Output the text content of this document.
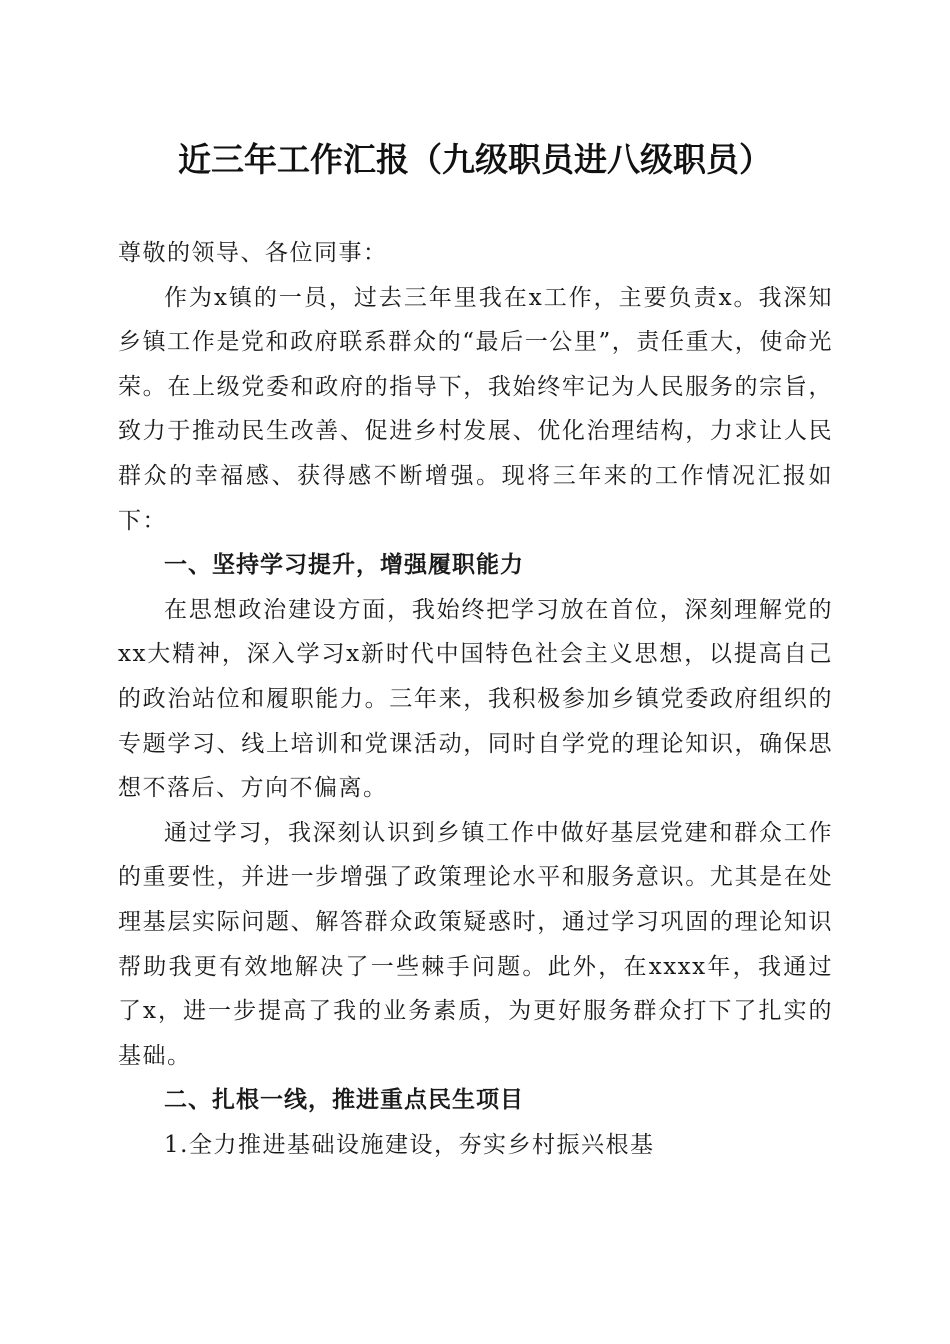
近三年工作汇报（九级职员进八级职员）

尊敬的领导、各位同事：

作为x镇的一员，过去三年里我在x工作，主要负责x。我深知乡镇工作是党和政府联系群众的“最后一公里”，责任重大，使命光荣。在上级党委和政府的指导下，我始终牢记为人民服务的宗旨，致力于推动民生改善、促进乡村发展、优化治理结构，力求让人民群众的幸福感、获得感不断增强。现将三年来的工作情况汇报如下：

一、坚持学习提升，增强履职能力

在思想政治建设方面，我始终把学习放在首位，深刻理解党的xx大精神，深入学习x新时代中国特色社会主义思想，以提高自己的政治站位和履职能力。三年来，我积极参加乡镇党委政府组织的专题学习、线上培训和党课活动，同时自学党的理论知识，确保思想不落后、方向不偏离。

通过学习，我深刻认识到乡镇工作中做好基层党建和群众工作的重要性，并进一步增强了政策理论水平和服务意识。尤其是在处理基层实际问题、解答群众政策疑惑时，通过学习巩固的理论知识帮助我更有效地解决了一些棘手问题。此外，在xxxx年，我通过了x，进一步提高了我的业务素质，为更好服务群众打下了扎实的基础。

二、扎根一线，推进重点民生项目

1.全力推进基础设施建设，夯实乡村振兴根基
